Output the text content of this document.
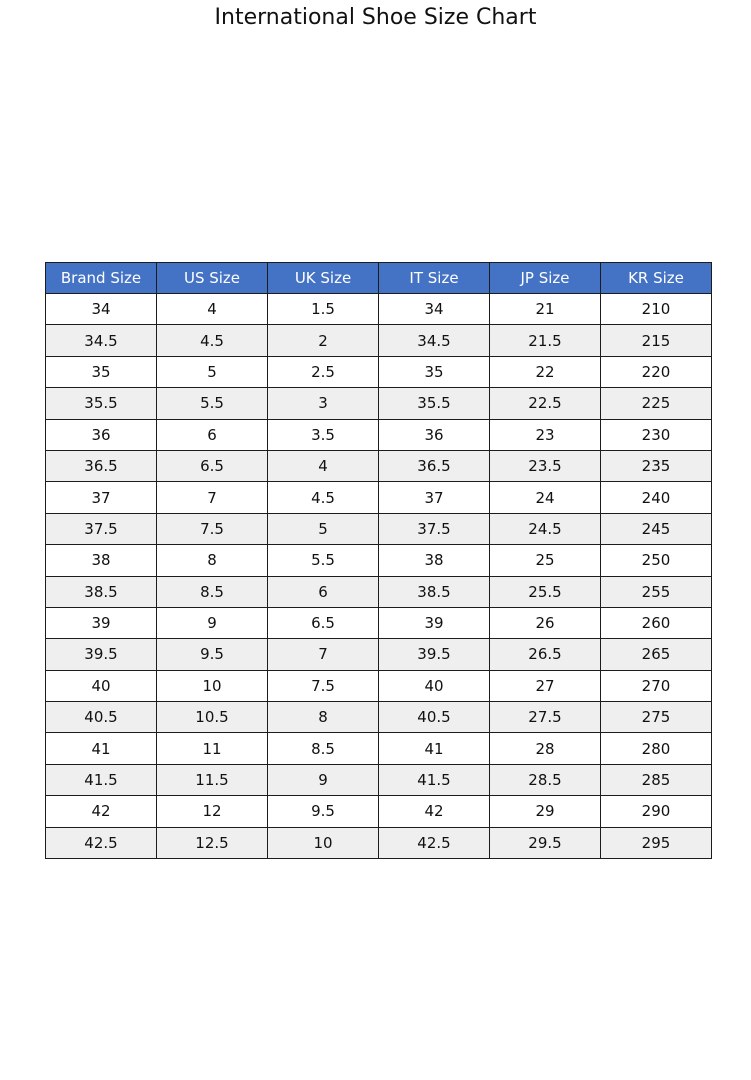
International Shoe Size Chart
Brand Size	US Size	UK Size	IT Size	JP Size	KR Size
34	4	1.5	34	21	210
34.5	4.5	2	34.5	21.5	215
35	5	2.5	35	22	220
35.5	5.5	3	35.5	22.5	225
36	6	3.5	36	23	230
36.5	6.5	4	36.5	23.5	235
37	7	4.5	37	24	240
37.5	7.5	5	37.5	24.5	245
38	8	5.5	38	25	250
38.5	8.5	6	38.5	25.5	255
39	9	6.5	39	26	260
39.5	9.5	7	39.5	26.5	265
40	10	7.5	40	27	270
40.5	10.5	8	40.5	27.5	275
41	11	8.5	41	28	280
41.5	11.5	9	41.5	28.5	285
42	12	9.5	42	29	290
42.5	12.5	10	42.5	29.5	295
